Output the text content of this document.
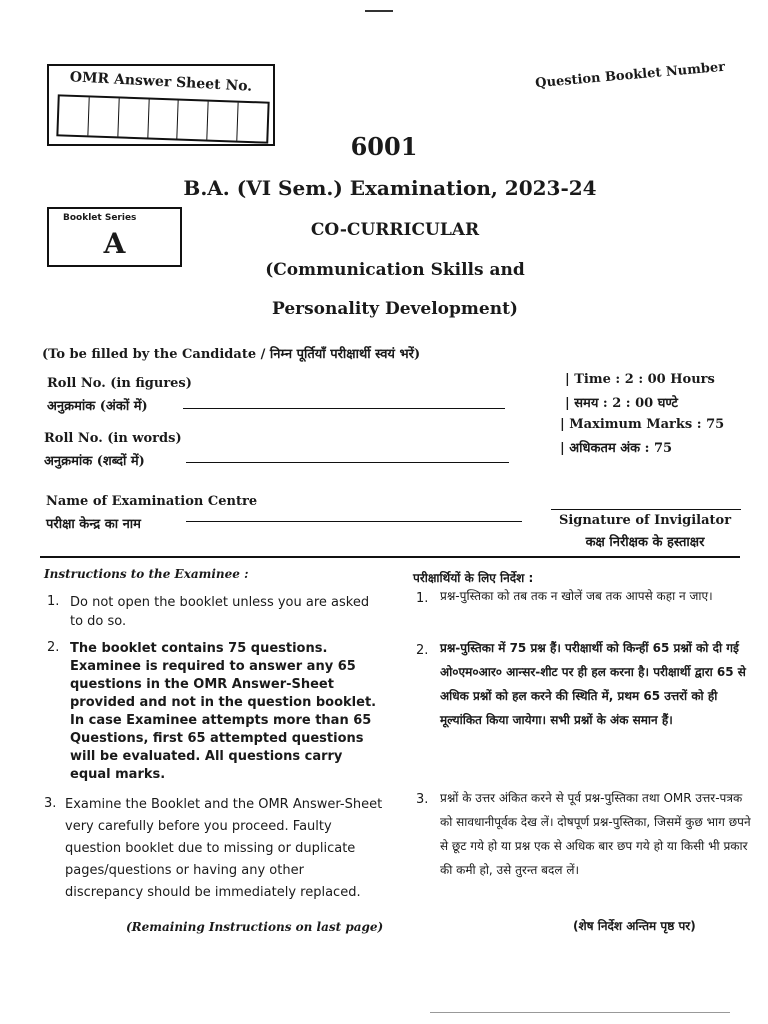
OMR Answer Sheet No.	Question Booklet Number
6001
B.A. (VI Sem.) Examination, 2023-24
Booklet Series
A	CO-CURRICULAR
(Communication Skills and
Personality Development)
(To be filled by the Candidate / निम्न पूर्तियाँ परीक्षार्थी स्वयं भरें)
Roll No. (in figures)
अनुक्रमांक (अंकों में)
Roll No. (in words)
अनुक्रमांक (शब्दों में)
Name of Examination Centre
परीक्षा केन्द्र का नाम
| Time : 2 : 00 Hours
| समय : 2 : 00 घण्टे
| Maximum Marks : 75
| अधिकतम अंक : 75
Signature of Invigilator
कक्ष निरीक्षक के हस्ताक्षर
Instructions to the Examinee :
1. Do not open the booklet unless you are asked to do so.
2. The booklet contains 75 questions. Examinee is required to answer any 65 questions in the OMR Answer-Sheet provided and not in the question booklet. In case Examinee attempts more than 65 Questions, first 65 attempted questions will be evaluated. All questions carry equal marks.
3. Examine the Booklet and the OMR Answer-Sheet very carefully before you proceed. Faulty question booklet due to missing or duplicate pages/questions or having any other discrepancy should be immediately replaced.
(Remaining Instructions on last page)
परीक्षार्थियों के लिए निर्देश :
1. प्रश्न-पुस्तिका को तब तक न खोलें जब तक आपसे कहा न जाए।
2. प्रश्न-पुस्तिका में 75 प्रश्न हैं। परीक्षार्थी को किन्हीं 65 प्रश्नों को दी गई ओ०एम०आर० आन्सर-शीट पर ही हल करना है। परीक्षार्थी द्वारा 65 से अधिक प्रश्नों को हल करने की स्थिति में, प्रथम 65 उत्तरों को ही मूल्यांकित किया जायेगा। सभी प्रश्नों के अंक समान हैं।
3. प्रश्नों के उत्तर अंकित करने से पूर्व प्रश्न-पुस्तिका तथा OMR उत्तर-पत्रक को सावधानीपूर्वक देख लें। दोषपूर्ण प्रश्न-पुस्तिका, जिसमें कुछ भाग छपने से छूट गये हो या प्रश्न एक से अधिक बार छप गये हो या किसी भी प्रकार की कमी हो, उसे तुरन्त बदल लें।
(शेष निर्देश अन्तिम पृष्ठ पर)
